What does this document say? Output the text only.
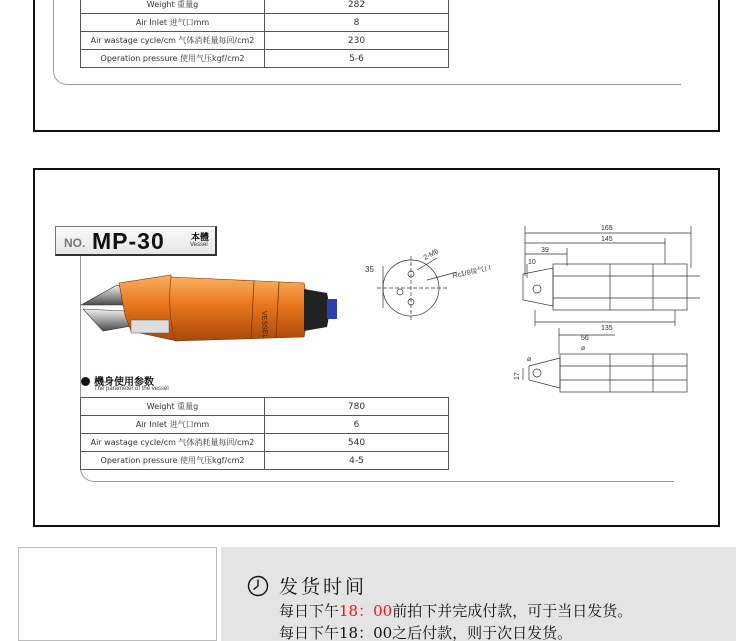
Weight 重量g	282
Air Inlet 进气口mm	8
Air wastage cycle/cm 气体消耗量每回/cm2	230
Operation pressure 使用气压kgf/cm2	5-6
NO. MP-30	本體
Vessel
VESSEL
機身使用参数
The parameter of the vessel
Weight 重量g	780
Air Inlet 进气口mm	6
Air wastage cycle/cm 气体消耗量每回/cm2	540
Operation pressure 使用气压kgf/cm2	4-5
35
2-M6
Rc1/8接气口
165
145
39
10
135
56
⌀
17
⌀
发货时间
每日下午18：00前拍下并完成付款，可于当日发货。
每日下午18：00之后付款，则于次日发货。
